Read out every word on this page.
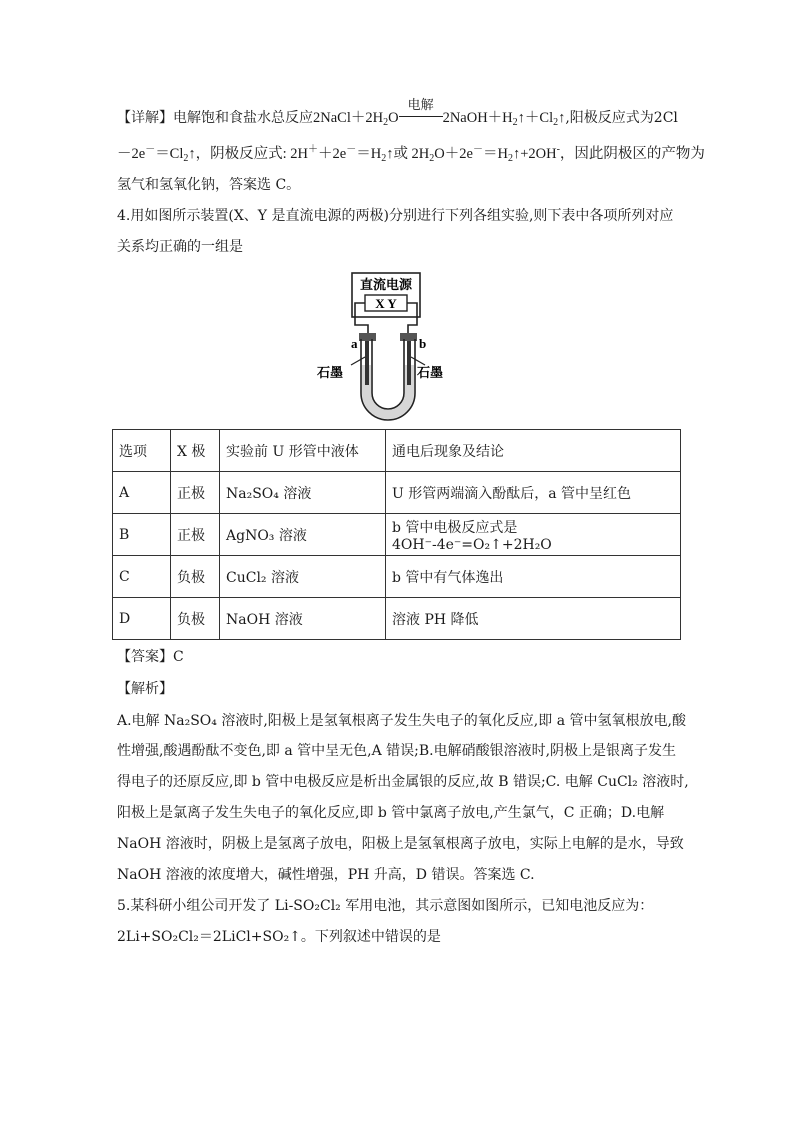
【详解】电解饱和食盐水总反应$2NaCl+2H_2O$
电解
$2NaOH+H_2↑+Cl_2↑$,阳极反应式为2Cl
$-2e^-=Cl_2↑$，阴极反应式: $2H^++2e^-=H_2↑$或 $2H_2O+2e^-=H_2↑+2OH^-$，因此阴极区的产物为
氢气和氢氧化钠，答案选 C。
4.用如图所示装置(X、Y 是直流电源的两极)分别进行下列各组实验,则下表中各项所列对应
关系均正确的一组是
直流电源
X Y
a	b
石墨	石墨
选项	X 极	实验前 U 形管中液体	通电后现象及结论
A	正极	Na₂SO₄ 溶液	U 形管两端滴入酚酞后，a 管中呈红色
B	正极	AgNO₃ 溶液	b 管中电极反应式是 4OH⁻-4e⁻=O₂↑+2H₂O
C	负极	CuCl₂ 溶液	b 管中有气体逸出
D	负极	NaOH 溶液	溶液 PH 降低
【答案】C
【解析】
A.电解 Na₂SO₄ 溶液时,阳极上是氢氧根离子发生失电子的氧化反应,即 a 管中氢氧根放电,酸
性增强,酸遇酚酞不变色,即 a 管中呈无色,A 错误;B.电解硝酸银溶液时,阴极上是银离子发生
得电子的还原反应,即 b 管中电极反应是析出金属银的反应,故 B 错误;C. 电解 CuCl₂ 溶液时,
阳极上是氯离子发生失电子的氧化反应,即 b 管中氯离子放电,产生氯气，C 正确；D.电解
NaOH 溶液时，阴极上是氢离子放电，阳极上是氢氧根离子放电，实际上电解的是水，导致
NaOH 溶液的浓度增大，碱性增强，PH 升高，D 错误。答案选 C.
5.某科研小组公司开发了 Li-SO₂Cl₂ 军用电池，其示意图如图所示，已知电池反应为：
2Li+SO₂Cl₂＝2LiCl+SO₂↑。下列叙述中错误的是
